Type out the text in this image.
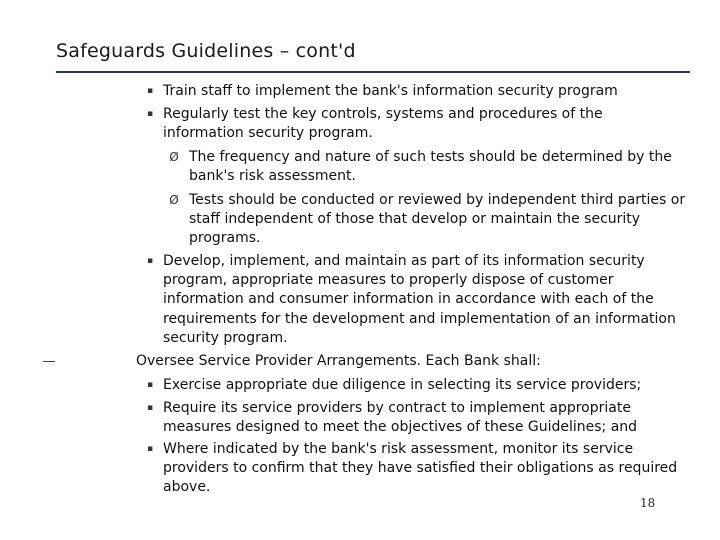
Safeguards Guidelines – cont'd
▪ Train staff to implement the bank's information security program
▪ Regularly test the key controls, systems and procedures of the information security program.
Ø The frequency and nature of such tests should be determined by the bank's risk assessment.
Ø Tests should be conducted or reviewed by independent third parties or staff independent of those that develop or maintain the security programs.
▪ Develop, implement, and maintain as part of its information security program, appropriate measures to properly dispose of customer information and consumer information in accordance with each of the requirements for the development and implementation of an information security program.
—	Oversee Service Provider Arrangements. Each Bank shall:
▪ Exercise appropriate due diligence in selecting its service providers;
▪ Require its service providers by contract to implement appropriate measures designed to meet the objectives of these Guidelines; and
▪ Where indicated by the bank's risk assessment, monitor its service providers to confirm that they have satisfied their obligations as required above.
18
